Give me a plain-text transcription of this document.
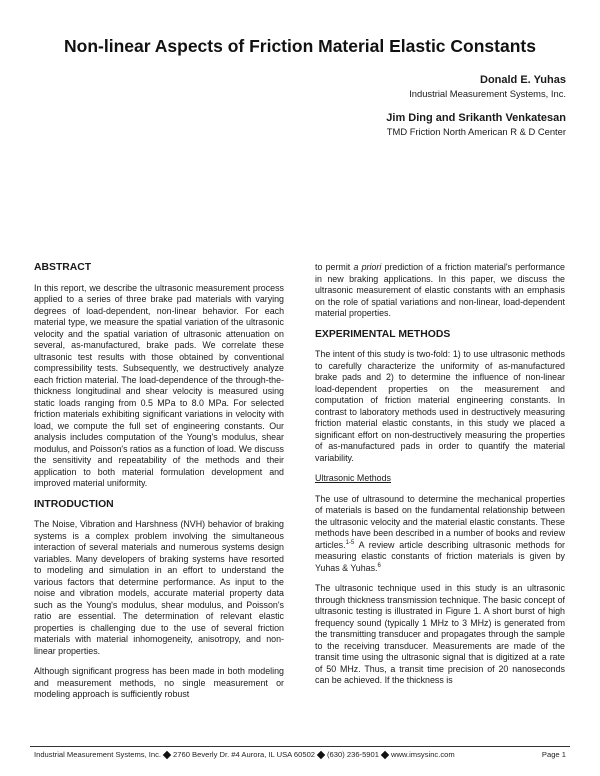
Non-linear Aspects of Friction Material Elastic Constants
Donald E. Yuhas
Industrial Measurement Systems, Inc.
Jim Ding and Srikanth Venkatesan
TMD Friction North American R & D Center
ABSTRACT

In this report, we describe the ultrasonic measurement process applied to a series of three brake pad materials with varying degrees of load-dependent, non-linear behavior. For each material type, we measure the spatial variation of the ultrasonic velocity and the spatial variation of ultrasonic attenuation on several, as-manufactured, brake pads. We correlate these ultrasonic test results with those obtained by conventional compressibility tests. Subsequently, we destructively analyze each friction material. The load-dependence of the through-the-thickness longitudinal and shear velocity is measured using static loads ranging from 0.5 MPa to 8.0 MPa. For selected friction materials exhibiting significant variations in velocity with load, we compute the full set of engineering constants. Our analysis includes computation of the Young's modulus, shear modulus, and Poisson's ratios as a function of load. We discuss the sensitivity and repeatability of the methods and their application to both material formulation development and improved material uniformity.

INTRODUCTION

The Noise, Vibration and Harshness (NVH) behavior of braking systems is a complex problem involving the simultaneous interaction of several materials and numerous systems design variables. Many developers of braking systems have resorted to modeling and simulation in an effort to understand the various factors that determine performance. As input to the noise and vibration models, accurate material property data such as the Young's modulus, shear modulus, and Poisson's ratio are essential. The determination of relevant elastic properties is challenging due to the use of several friction materials with material inhomogeneity, anisotropy, and non-linear properties.

Although significant progress has been made in both modeling and measurement methods, no single measurement or modeling approach is sufficiently robust

to permit a priori prediction of a friction material's performance in new braking applications. In this paper, we discuss the ultrasonic measurement of elastic constants with an emphasis on the role of spatial variations and non-linear, load-dependent material properties.

EXPERIMENTAL METHODS

The intent of this study is two-fold: 1) to use ultrasonic methods to carefully characterize the uniformity of as-manufactured brake pads and 2) to determine the influence of non-linear load-dependent properties on the measurement and computation of friction material engineering constants. In contrast to laboratory methods used in destructively measuring friction material elastic constants, in this study we placed a significant effort on non-destructively measuring the properties of as-manufactured pads in order to quantify the material variability.

Ultrasonic Methods

The use of ultrasound to determine the mechanical properties of materials is based on the fundamental relationship between the ultrasonic velocity and the material elastic constants. These methods have been described in a number of books and review articles.$^{1-5}$ A review article describing ultrasonic methods for measuring elastic constants of friction materials is given by Yuhas & Yuhas.$^6$

The ultrasonic technique used in this study is an ultrasonic through thickness transmission technique. The basic concept of ultrasonic testing is illustrated in Figure 1. A short burst of high frequency sound (typically 1 MHz to 3 MHz) is generated from the transmitting transducer and propagates through the sample to the receiving transducer. Measurements are made of the transit time using the ultrasonic signal that is digitized at a rate of 50 MHz. Thus, a transit time precision of 20 nanoseconds can be achieved. If the thickness is

Industrial Measurement Systems, Inc. 2760 Beverly Dr. #4 Aurora, IL USA 60502 (630) 236-5901 www.imsysinc.com	Page 1
